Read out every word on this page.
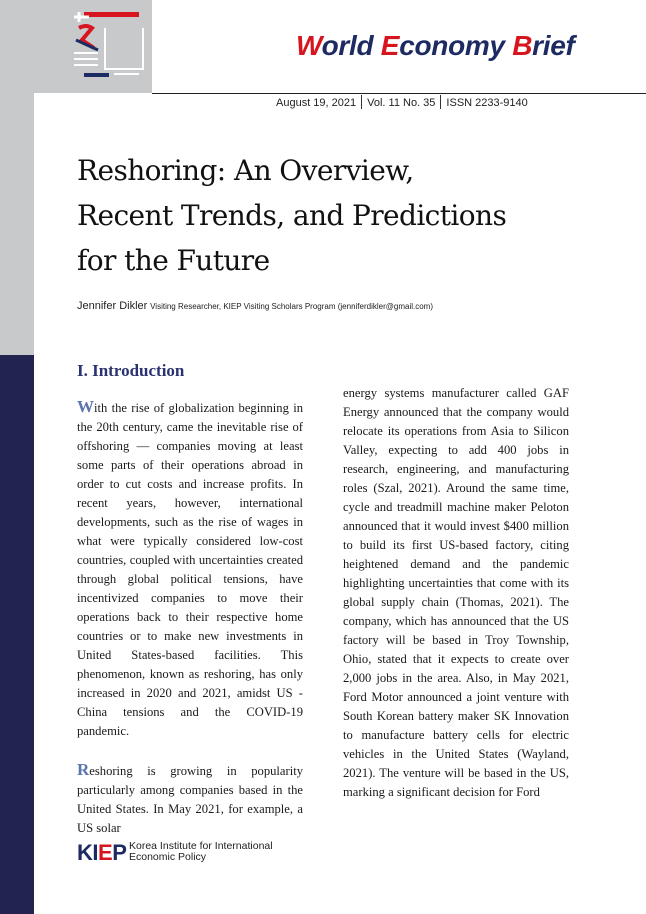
World Economy Brief
August 19, 2021 Vol. 11 No. 35 ISSN 2233-9140
Reshoring: An Overview,
Recent Trends, and Predictions
for the Future
Jennifer Dikler Visiting Researcher, KIEP Visiting Scholars Program (jenniferdikler@gmail.com)
I. Introduction

With the rise of globalization beginning in the 20th century, came the inevitable rise of offshoring — companies moving at least some parts of their operations abroad in order to cut costs and increase profits. In recent years, however, international developments, such as the rise of wages in what were typically considered low-cost countries, coupled with uncertainties created through global political tensions, have incentivized companies to move their operations back to their respective home countries or to make new investments in United States-based facilities. This phenomenon, known as reshoring, has only increased in 2020 and 2021, amidst US - China tensions and the COVID-19 pandemic.

Reshoring is growing in popularity particularly among companies based in the United States. In May 2021, for example, a US solar

energy systems manufacturer called GAF Energy announced that the company would relocate its operations from Asia to Silicon Valley, expecting to add 400 jobs in research, engineering, and manufacturing roles (Szal, 2021). Around the same time, cycle and treadmill machine maker Peloton announced that it would invest $400 million to build its first US-based factory, citing heightened demand and the pandemic highlighting uncertainties that come with its global supply chain (Thomas, 2021). The company, which has announced that the US factory will be based in Troy Township, Ohio, stated that it expects to create over 2,000 jobs in the area. Also, in May 2021, Ford Motor announced a joint venture with South Korean battery maker SK Innovation to manufacture battery cells for electric vehicles in the United States (Wayland, 2021). The venture will be based in the US, marking a significant decision for Ford

KIEP Korea Institute for International
Economic Policy
